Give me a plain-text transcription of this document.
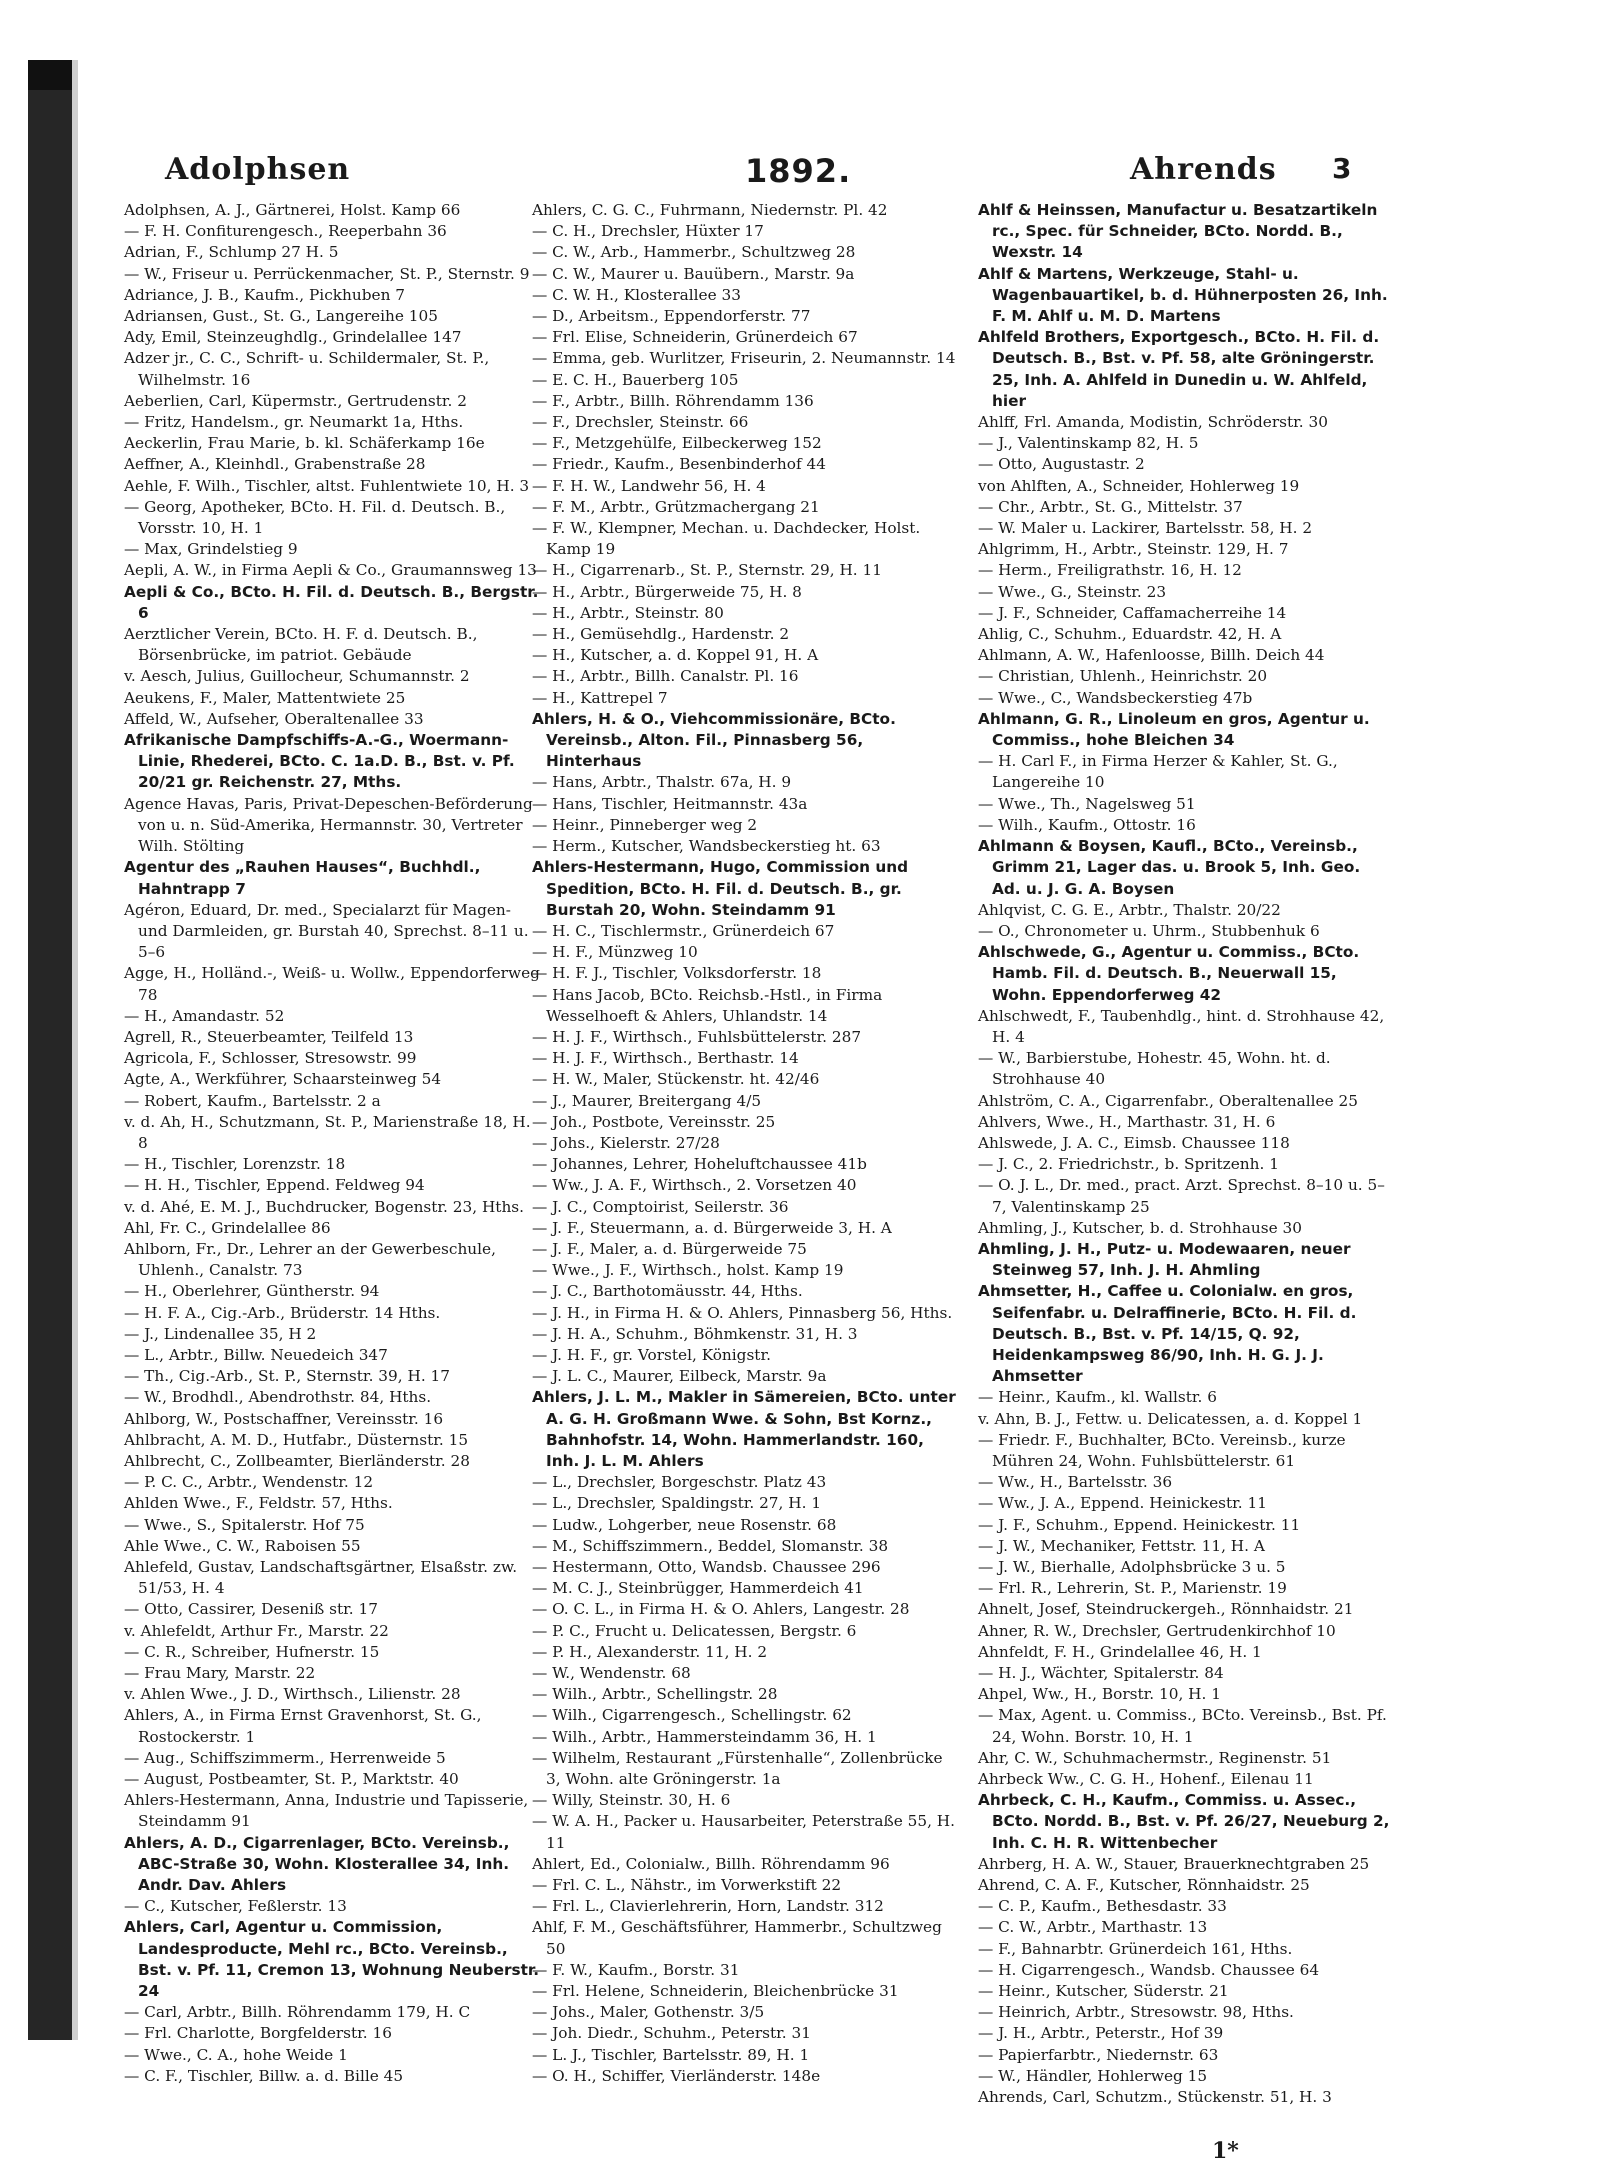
Adolphsen	1892.	Ahrends 3

Adolphsen, A. J., Gärtnerei, Holst. Kamp 66

— F. H. Confiturengesch., Reeperbahn 36

Adrian, F., Schlump 27 H. 5

— W., Friseur u. Perrückenmacher, St. P., Sternstr. 9

Adriance, J. B., Kaufm., Pickhuben 7

Adriansen, Gust., St. G., Langereihe 105

Ady, Emil, Steinzeughdlg., Grindelallee 147

Adzer jr., C. C., Schrift- u. Schildermaler, St. P., Wilhelmstr. 16

Aeberlien, Carl, Küpermstr., Gertrudenstr. 2

— Fritz, Handelsm., gr. Neumarkt 1a, Hths.

Aeckerlin, Frau Marie, b. kl. Schäferkamp 16e

Aeffner, A., Kleinhdl., Grabenstraße 28

Aehle, F. Wilh., Tischler, altst. Fuhlentwiete 10, H. 3

— Georg, Apotheker, BCto. H. Fil. d. Deutsch. B., Vorsstr. 10, H. 1

— Max, Grindelstieg 9

Aepli, A. W., in Firma Aepli & Co., Graumannsweg 13

Aepli & Co., BCto. H. Fil. d. Deutsch. B., Bergstr. 6

Aerztlicher Verein, BCto. H. F. d. Deutsch. B., Börsenbrücke, im patriot. Gebäude

v. Aesch, Julius, Guillocheur, Schumannstr. 2

Aeukens, F., Maler, Mattentwiete 25

Affeld, W., Aufseher, Oberaltenallee 33

Afrikanische Dampfschiffs-A.-G., Woermann-Linie, Rhederei, BCto. C. 1a.D. B., Bst. v. Pf. 20/21 gr. Reichenstr. 27, Mths.

Agence Havas, Paris, Privat-Depeschen-Beförderung von u. n. Süd-Amerika, Hermannstr. 30, Vertreter Wilh. Stölting

Agentur des „Rauhen Hauses“, Buchhdl., Hahntrapp 7

Agéron, Eduard, Dr. med., Specialarzt für Magen- und Darmleiden, gr. Burstah 40, Sprechst. 8–11 u. 5–6

Agge, H., Holländ.-, Weiß- u. Wollw., Eppendorferweg 78

— H., Amandastr. 52

Agrell, R., Steuerbeamter, Teilfeld 13

Agricola, F., Schlosser, Stresowstr. 99

Agte, A., Werkführer, Schaarsteinweg 54

— Robert, Kaufm., Bartelsstr. 2 a

v. d. Ah, H., Schutzmann, St. P., Marienstraße 18, H. 8

— H., Tischler, Lorenzstr. 18

— H. H., Tischler, Eppend. Feldweg 94

v. d. Ahé, E. M. J., Buchdrucker, Bogenstr. 23, Hths.

Ahl, Fr. C., Grindelallee 86

Ahlborn, Fr., Dr., Lehrer an der Gewerbeschule, Uhlenh., Canalstr. 73

— H., Oberlehrer, Güntherstr. 94

— H. F. A., Cig.-Arb., Brüderstr. 14 Hths.

— J., Lindenallee 35, H 2

— L., Arbtr., Billw. Neuedeich 347

— Th., Cig.-Arb., St. P., Sternstr. 39, H. 17

— W., Brodhdl., Abendrothstr. 84, Hths.

Ahlborg, W., Postschaffner, Vereinsstr. 16

Ahlbracht, A. M. D., Hutfabr., Düsternstr. 15

Ahlbrecht, C., Zollbeamter, Bierländerstr. 28

— P. C. C., Arbtr., Wendenstr. 12

Ahlden Wwe., F., Feldstr. 57, Hths.

— Wwe., S., Spitalerstr. Hof 75

Ahle Wwe., C. W., Raboisen 55

Ahlefeld, Gustav, Landschaftsgärtner, Elsaßstr. zw. 51/53, H. 4

— Otto, Cassirer, Deseniß str. 17

v. Ahlefeldt, Arthur Fr., Marstr. 22

— C. R., Schreiber, Hufnerstr. 15

— Frau Mary, Marstr. 22

v. Ahlen Wwe., J. D., Wirthsch., Lilienstr. 28

Ahlers, A., in Firma Ernst Gravenhorst, St. G., Rostockerstr. 1

— Aug., Schiffszimmerm., Herrenweide 5

— August, Postbeamter, St. P., Marktstr. 40

Ahlers-Hestermann, Anna, Industrie und Tapisserie, Steindamm 91

Ahlers, A. D., Cigarrenlager, BCto. Vereinsb., ABC-Straße 30, Wohn. Klosterallee 34, Inh. Andr. Dav. Ahlers

— C., Kutscher, Feßlerstr. 13

Ahlers, Carl, Agentur u. Commission, Landesproducte, Mehl rc., BCto. Vereinsb., Bst. v. Pf. 11, Cremon 13, Wohnung Neuberstr. 24

— Carl, Arbtr., Billh. Röhrendamm 179, H. C

— Frl. Charlotte, Borgfelderstr. 16

— Wwe., C. A., hohe Weide 1

— C. F., Tischler, Billw. a. d. Bille 45

Ahlers, C. G. C., Fuhrmann, Niedernstr. Pl. 42

— C. H., Drechsler, Hüxter 17

— C. W., Arb., Hammerbr., Schultzweg 28

— C. W., Maurer u. Bauübern., Marstr. 9a

— C. W. H., Klosterallee 33

— D., Arbeitsm., Eppendorferstr. 77

— Frl. Elise, Schneiderin, Grünerdeich 67

— Emma, geb. Wurlitzer, Friseurin, 2. Neumannstr. 14

— E. C. H., Bauerberg 105

— F., Arbtr., Billh. Röhrendamm 136

— F., Drechsler, Steinstr. 66

— F., Metzgehülfe, Eilbeckerweg 152

— Friedr., Kaufm., Besenbinderhof 44

— F. H. W., Landwehr 56, H. 4

— F. M., Arbtr., Grützmachergang 21

— F. W., Klempner, Mechan. u. Dachdecker, Holst. Kamp 19

— H., Cigarrenarb., St. P., Sternstr. 29, H. 11

— H., Arbtr., Bürgerweide 75, H. 8

— H., Arbtr., Steinstr. 80

— H., Gemüsehdlg., Hardenstr. 2

— H., Kutscher, a. d. Koppel 91, H. A

— H., Arbtr., Billh. Canalstr. Pl. 16

— H., Kattrepel 7

Ahlers, H. & O., Viehcommissionäre, BCto. Vereinsb., Alton. Fil., Pinnasberg 56, Hinterhaus

— Hans, Arbtr., Thalstr. 67a, H. 9

— Hans, Tischler, Heitmannstr. 43a

— Heinr., Pinneberger weg 2

— Herm., Kutscher, Wandsbeckerstieg ht. 63

Ahlers-Hestermann, Hugo, Commission und Spedition, BCto. H. Fil. d. Deutsch. B., gr. Burstah 20, Wohn. Steindamm 91

— H. C., Tischlermstr., Grünerdeich 67

— H. F., Münzweg 10

— H. F. J., Tischler, Volksdorferstr. 18

— Hans Jacob, BCto. Reichsb.-Hstl., in Firma Wesselhoeft & Ahlers, Uhlandstr. 14

— H. J. F., Wirthsch., Fuhlsbüttelerstr. 287

— H. J. F., Wirthsch., Berthastr. 14

— H. W., Maler, Stückenstr. ht. 42/46

— J., Maurer, Breitergang 4/5

— Joh., Postbote, Vereinsstr. 25

— Johs., Kielerstr. 27/28

— Johannes, Lehrer, Hoheluftchaussee 41b

— Ww., J. A. F., Wirthsch., 2. Vorsetzen 40

— J. C., Comptoirist, Seilerstr. 36

— J. F., Steuermann, a. d. Bürgerweide 3, H. A

— J. F., Maler, a. d. Bürgerweide 75

— Wwe., J. F., Wirthsch., holst. Kamp 19

— J. C., Barthotomäusstr. 44, Hths.

— J. H., in Firma H. & O. Ahlers, Pinnasberg 56, Hths.

— J. H. A., Schuhm., Böhmkenstr. 31, H. 3

— J. H. F., gr. Vorstel, Königstr.

— J. L. C., Maurer, Eilbeck, Marstr. 9a

Ahlers, J. L. M., Makler in Sämereien, BCto. unter A. G. H. Großmann Wwe. & Sohn, Bst Kornz., Bahnhofstr. 14, Wohn. Hammerlandstr. 160, Inh. J. L. M. Ahlers

— L., Drechsler, Borgeschstr. Platz 43

— L., Drechsler, Spaldingstr. 27, H. 1

— Ludw., Lohgerber, neue Rosenstr. 68

— M., Schiffszimmern., Beddel, Slomanstr. 38

— Hestermann, Otto, Wandsb. Chaussee 296

— M. C. J., Steinbrügger, Hammerdeich 41

— O. C. L., in Firma H. & O. Ahlers, Langestr. 28

— P. C., Frucht u. Delicatessen, Bergstr. 6

— P. H., Alexanderstr. 11, H. 2

— W., Wendenstr. 68

— Wilh., Arbtr., Schellingstr. 28

— Wilh., Cigarrengesch., Schellingstr. 62

— Wilh., Arbtr., Hammersteindamm 36, H. 1

— Wilhelm, Restaurant „Fürstenhalle“, Zollenbrücke 3, Wohn. alte Gröningerstr. 1a

— Willy, Steinstr. 30, H. 6

— W. A. H., Packer u. Hausarbeiter, Peterstraße 55, H. 11

Ahlert, Ed., Colonialw., Billh. Röhrendamm 96

— Frl. C. L., Nähstr., im Vorwerkstift 22

— Frl. L., Clavierlehrerin, Horn, Landstr. 312

Ahlf, F. M., Geschäftsführer, Hammerbr., Schultzweg 50

— F. W., Kaufm., Borstr. 31

— Frl. Helene, Schneiderin, Bleichenbrücke 31

— Johs., Maler, Gothenstr. 3/5

— Joh. Diedr., Schuhm., Peterstr. 31

— L. J., Tischler, Bartelsstr. 89, H. 1

— O. H., Schiffer, Vierländerstr. 148e

Ahlf & Heinssen, Manufactur u. Besatzartikeln rc., Spec. für Schneider, BCto. Nordd. B., Wexstr. 14

Ahlf & Martens, Werkzeuge, Stahl- u. Wagenbauartikel, b. d. Hühnerposten 26, Inh. F. M. Ahlf u. M. D. Martens

Ahlfeld Brothers, Exportgesch., BCto. H. Fil. d. Deutsch. B., Bst. v. Pf. 58, alte Gröningerstr. 25, Inh. A. Ahlfeld in Dunedin u. W. Ahlfeld, hier

Ahlff, Frl. Amanda, Modistin, Schröderstr. 30

— J., Valentinskamp 82, H. 5

— Otto, Augustastr. 2

von Ahlften, A., Schneider, Hohlerweg 19

— Chr., Arbtr., St. G., Mittelstr. 37

— W. Maler u. Lackirer, Bartelsstr. 58, H. 2

Ahlgrimm, H., Arbtr., Steinstr. 129, H. 7

— Herm., Freiligrathstr. 16, H. 12

— Wwe., G., Steinstr. 23

— J. F., Schneider, Caffamacherreihe 14

Ahlig, C., Schuhm., Eduardstr. 42, H. A

Ahlmann, A. W., Hafenloosse, Billh. Deich 44

— Christian, Uhlenh., Heinrichstr. 20

— Wwe., C., Wandsbeckerstieg 47b

Ahlmann, G. R., Linoleum en gros, Agentur u. Commiss., hohe Bleichen 34

— H. Carl F., in Firma Herzer & Kahler, St. G., Langereihe 10

— Wwe., Th., Nagelsweg 51

— Wilh., Kaufm., Ottostr. 16

Ahlmann & Boysen, Kaufl., BCto., Vereinsb., Grimm 21, Lager das. u. Brook 5, Inh. Geo. Ad. u. J. G. A. Boysen

Ahlqvist, C. G. E., Arbtr., Thalstr. 20/22

— O., Chronometer u. Uhrm., Stubbenhuk 6

Ahlschwede, G., Agentur u. Commiss., BCto. Hamb. Fil. d. Deutsch. B., Neuerwall 15, Wohn. Eppendorferweg 42

Ahlschwedt, F., Taubenhdlg., hint. d. Strohhause 42, H. 4

— W., Barbierstube, Hohestr. 45, Wohn. ht. d. Strohhause 40

Ahlström, C. A., Cigarrenfabr., Oberaltenallee 25

Ahlvers, Wwe., H., Marthastr. 31, H. 6

Ahlswede, J. A. C., Eimsb. Chaussee 118

— J. C., 2. Friedrichstr., b. Spritzenh. 1

— O. J. L., Dr. med., pract. Arzt. Sprechst. 8–10 u. 5–7, Valentinskamp 25

Ahmling, J., Kutscher, b. d. Strohhause 30

Ahmling, J. H., Putz- u. Modewaaren, neuer Steinweg 57, Inh. J. H. Ahmling

Ahmsetter, H., Caffee u. Colonialw. en gros, Seifenfabr. u. Delraffinerie, BCto. H. Fil. d. Deutsch. B., Bst. v. Pf. 14/15, Q. 92, Heidenkampsweg 86/90, Inh. H. G. J. J. Ahmsetter

— Heinr., Kaufm., kl. Wallstr. 6

v. Ahn, B. J., Fettw. u. Delicatessen, a. d. Koppel 1

— Friedr. F., Buchhalter, BCto. Vereinsb., kurze Mühren 24, Wohn. Fuhlsbüttelerstr. 61

— Ww., H., Bartelsstr. 36

— Ww., J. A., Eppend. Heinickestr. 11

— J. F., Schuhm., Eppend. Heinickestr. 11

— J. W., Mechaniker, Fettstr. 11, H. A

— J. W., Bierhalle, Adolphsbrücke 3 u. 5

— Frl. R., Lehrerin, St. P., Marienstr. 19

Ahnelt, Josef, Steindruckergeh., Rönnhaidstr. 21

Ahner, R. W., Drechsler, Gertrudenkirchhof 10

Ahnfeldt, F. H., Grindelallee 46, H. 1

— H. J., Wächter, Spitalerstr. 84

Ahpel, Ww., H., Borstr. 10, H. 1

— Max, Agent. u. Commiss., BCto. Vereinsb., Bst. Pf. 24, Wohn. Borstr. 10, H. 1

Ahr, C. W., Schuhmachermstr., Reginenstr. 51

Ahrbeck Ww., C. G. H., Hohenf., Eilenau 11

Ahrbeck, C. H., Kaufm., Commiss. u. Assec., BCto. Nordd. B., Bst. v. Pf. 26/27, Neueburg 2, Inh. C. H. R. Wittenbecher

Ahrberg, H. A. W., Stauer, Brauerknechtgraben 25

Ahrend, C. A. F., Kutscher, Rönnhaidstr. 25

— C. P., Kaufm., Bethesdastr. 33

— C. W., Arbtr., Marthastr. 13

— F., Bahnarbtr. Grünerdeich 161, Hths.

— H. Cigarrengesch., Wandsb. Chaussee 64

— Heinr., Kutscher, Süderstr. 21

— Heinrich, Arbtr., Stresowstr. 98, Hths.

— J. H., Arbtr., Peterstr., Hof 39

— Papierfarbtr., Niedernstr. 63

— W., Händler, Hohlerweg 15

Ahrends, Carl, Schutzm., Stückenstr. 51, H. 3

1*
